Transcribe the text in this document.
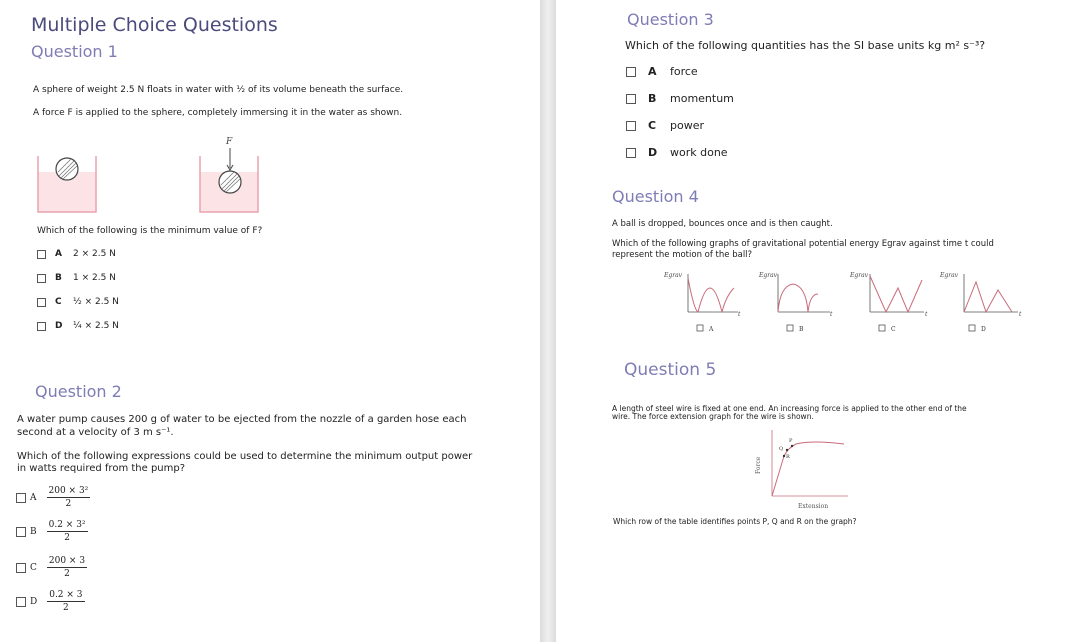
Multiple Choice Questions
Question 1
A sphere of weight 2.5 N floats in water with ½ of its volume beneath the surface.
A force F is applied to the sphere, completely immersing it in the water as shown.
F
Which of the following is the minimum value of F?
A	2 × 2.5 N
B	1 × 2.5 N
C	½ × 2.5 N
D	¼ × 2.5 N
Question 2
A water pump causes 200 g of water to be ejected from the nozzle of a garden hose each
second at a velocity of 3 m s⁻¹.
Which of the following expressions could be used to determine the minimum output power
in watts required from the pump?
A $\frac{\text{200 × 3²}}{2}$
B $\frac{\text{0.2 × 3²}}{2}$
C $\frac{200 \times 3}{2}$
D $\frac{0.2 \times 3}{2}$
Question 3
Which of the following quantities has the SI base units kg m² s⁻³?
A	force
B	momentum
C	power
D	work done
Question 4
A ball is dropped, bounces once and is then caught.
Which of the following graphs of gravitational potential energy Egrav against time t could
represent the motion of the ball?
Egrav
t
A
Egrav
t
B
Egrav
t
C
Egrav
t
D
Question 5
A length of steel wire is fixed at one end. An increasing force is applied to the other end of the
wire. The force extension graph for the wire is shown.
R
Q
P
Force
Extension
Which row of the table identifies points P, Q and R on the graph?
